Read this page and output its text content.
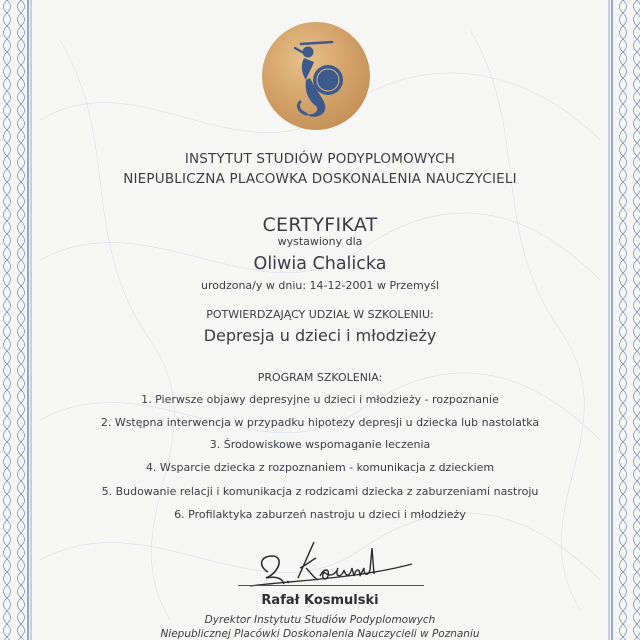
INSTYTUT STUDIÓW PODYPLOMOWYCH
NIEPUBLICZNA PLACOWKA DOSKONALENIA NAUCZYCIELI
CERTYFIKAT
wystawiony dla
Oliwia Chalicka
urodzona/y w dniu: 14-12-2001 w Przemyśl
POTWIERDZAJĄCY UDZIAŁ W SZKOLENIU:
Depresja u dzieci i młodzieży
PROGRAM SZKOLENIA:
1. Pierwsze objawy depresyjne u dzieci i młodzieży - rozpoznanie
2. Wstępna interwencja w przypadku hipotezy depresji u dziecka lub nastolatka
3. Środowiskowe wspomaganie leczenia
4. Wsparcie dziecka z rozpoznaniem - komunikacja z dzieckiem
5. Budowanie relacji i komunikacja z rodzicami dziecka z zaburzeniami nastroju
6. Profilaktyka zaburzeń nastroju u dzieci i młodzieży
Rafał Kosmulski
Dyrektor Instytutu Studiów Podyplomowych
Niepublicznej Placówki Doskonalenia Nauczycieli w Poznaniu
